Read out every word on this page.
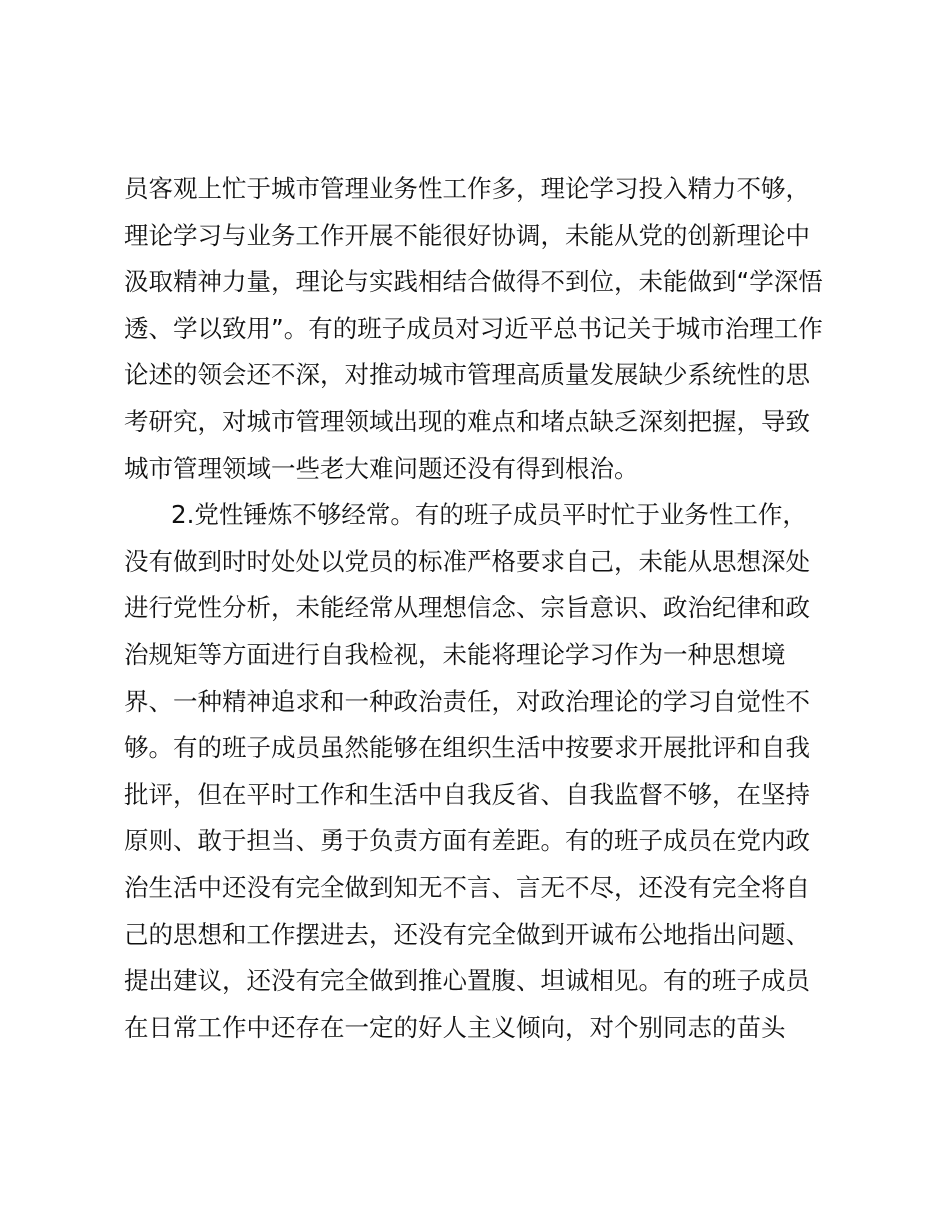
员客观上忙于城市管理业务性工作多，理论学习投入精力不够，
理论学习与业务工作开展不能很好协调，未能从党的创新理论中
汲取精神力量，理论与实践相结合做得不到位，未能做到“学深悟
透、学以致用”。有的班子成员对习近平总书记关于城市治理工作
论述的领会还不深，对推动城市管理高质量发展缺少系统性的思
考研究，对城市管理领域出现的难点和堵点缺乏深刻把握，导致
城市管理领域一些老大难问题还没有得到根治。
2.党性锤炼不够经常。有的班子成员平时忙于业务性工作，
没有做到时时处处以党员的标准严格要求自己，未能从思想深处
进行党性分析，未能经常从理想信念、宗旨意识、政治纪律和政
治规矩等方面进行自我检视，未能将理论学习作为一种思想境
界、一种精神追求和一种政治责任，对政治理论的学习自觉性不
够。有的班子成员虽然能够在组织生活中按要求开展批评和自我
批评，但在平时工作和生活中自我反省、自我监督不够，在坚持
原则、敢于担当、勇于负责方面有差距。有的班子成员在党内政
治生活中还没有完全做到知无不言、言无不尽，还没有完全将自
己的思想和工作摆进去，还没有完全做到开诚布公地指出问题、
提出建议，还没有完全做到推心置腹、坦诚相见。有的班子成员
在日常工作中还存在一定的好人主义倾向，对个别同志的苗头
